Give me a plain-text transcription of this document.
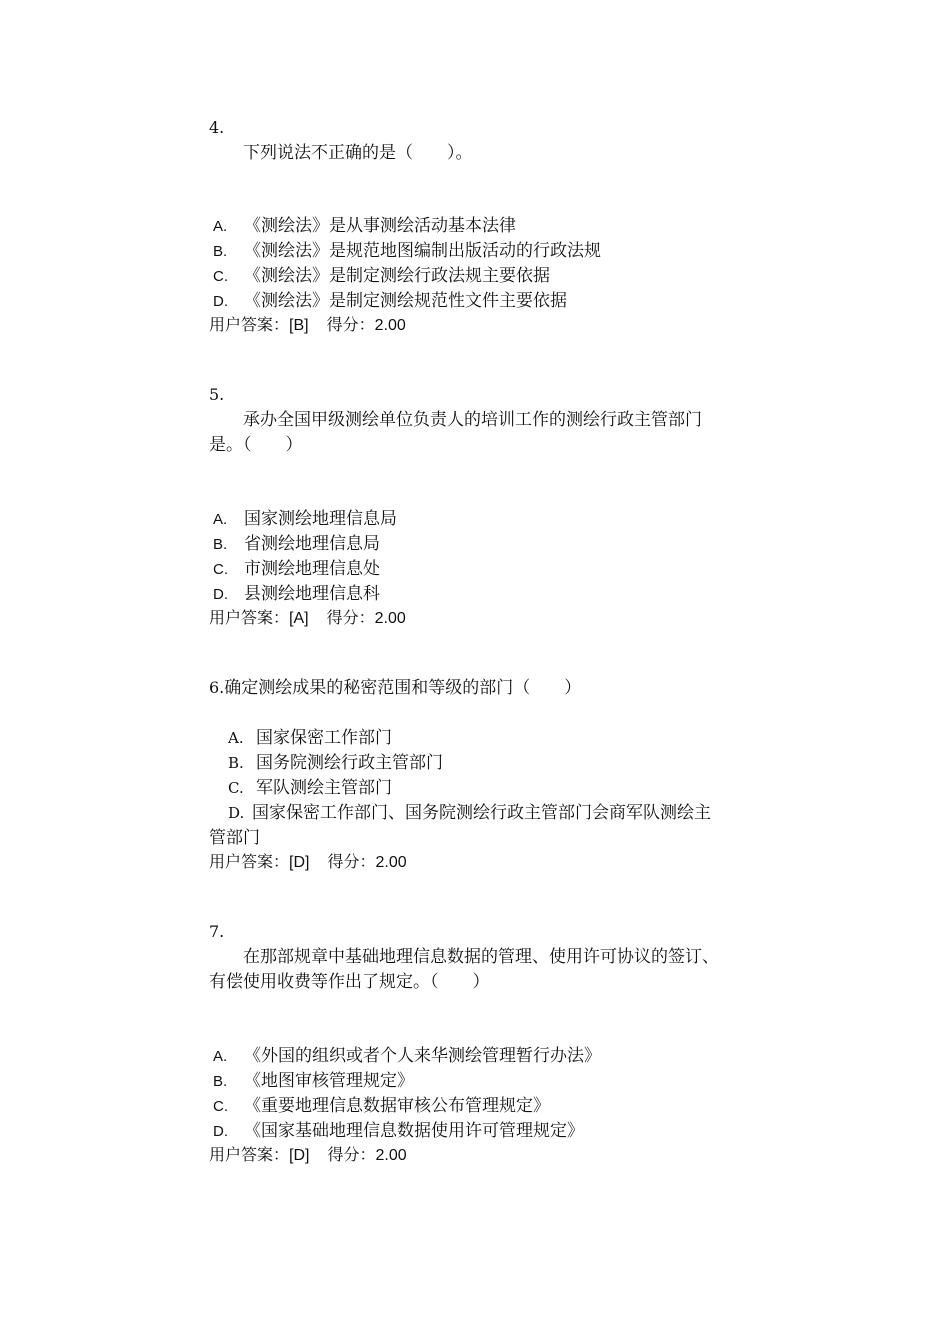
4.
下列说法不正确的是（　　）。
A. 《测绘法》是从事测绘活动基本法律
B. 《测绘法》是规范地图编制出版活动的行政法规
C. 《测绘法》是制定测绘行政法规主要依据
D. 《测绘法》是制定测绘规范性文件主要依据
用户答案：[B] 得分：2.00
5.
承办全国甲级测绘单位负责人的培训工作的测绘行政主管部门
是。（　　）
A. 国家测绘地理信息局
B. 省测绘地理信息局
C. 市测绘地理信息处
D. 县测绘地理信息科
用户答案：[A] 得分：2.00
6.确定测绘成果的秘密范围和等级的部门（　　）
A. 国家保密工作部门
B. 国务院测绘行政主管部门
C. 军队测绘主管部门
D. 国家保密工作部门、国务院测绘行政主管部门会商军队测绘主
管部门
用户答案：[D] 得分：2.00
7.
在那部规章中基础地理信息数据的管理、使用许可协议的签订、
有偿使用收费等作出了规定。（　　）
A. 《外国的组织或者个人来华测绘管理暂行办法》
B. 《地图审核管理规定》
C. 《重要地理信息数据审核公布管理规定》
D. 《国家基础地理信息数据使用许可管理规定》
用户答案：[D] 得分：2.00
